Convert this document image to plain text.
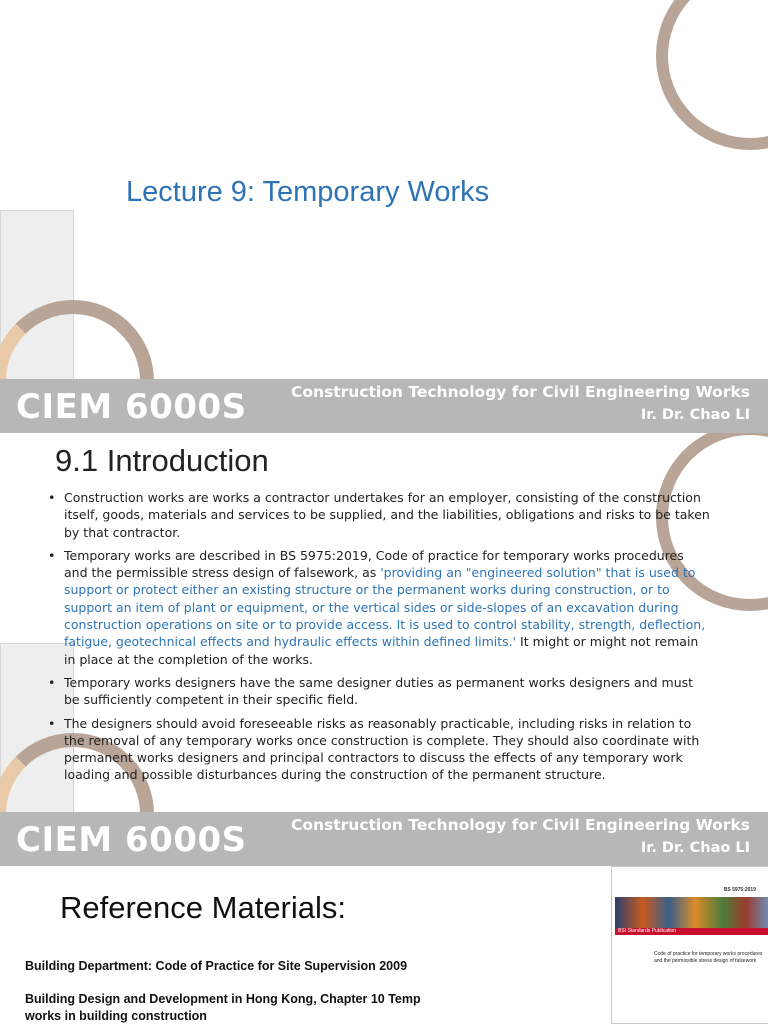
Lecture 9: Temporary Works
CIEM 6000S	Construction Technology for Civil Engineering Works
Ir. Dr. Chao LI
9.1 Introduction
• Construction works are works a contractor undertakes for an employer, consisting of the construction itself, goods, materials and services to be supplied, and the liabilities, obligations and risks to be taken by that contractor.
• Temporary works are described in BS 5975:2019, Code of practice for temporary works procedures and the permissible stress design of falsework, as 'providing an "engineered solution" that is used to support or protect either an existing structure or the permanent works during construction, or to support an item of plant or equipment, or the vertical sides or side-slopes of an excavation during construction operations on site or to provide access. It is used to control stability, strength, deflection, fatigue, geotechnical effects and hydraulic effects within defined limits.' It might or might not remain in place at the completion of the works.
• Temporary works designers have the same designer duties as permanent works designers and must be sufficiently competent in their specific field.
• The designers should avoid foreseeable risks as reasonably practicable, including risks in relation to the removal of any temporary works once construction is complete. They should also coordinate with permanent works designers and principal contractors to discuss the effects of any temporary work loading and possible disturbances during the construction of the permanent structure.
CIEM 6000S	Construction Technology for Civil Engineering Works
Ir. Dr. Chao LI
Reference Materials:
Building Department: Code of Practice for Site Supervision 2009
Building Design and Development in Hong Kong, Chapter 10 Temp works in building construction
BS 5975:2019
BSI Standards Publication
Code of practice for temporary works procedures and the permissible stress design of falsework
